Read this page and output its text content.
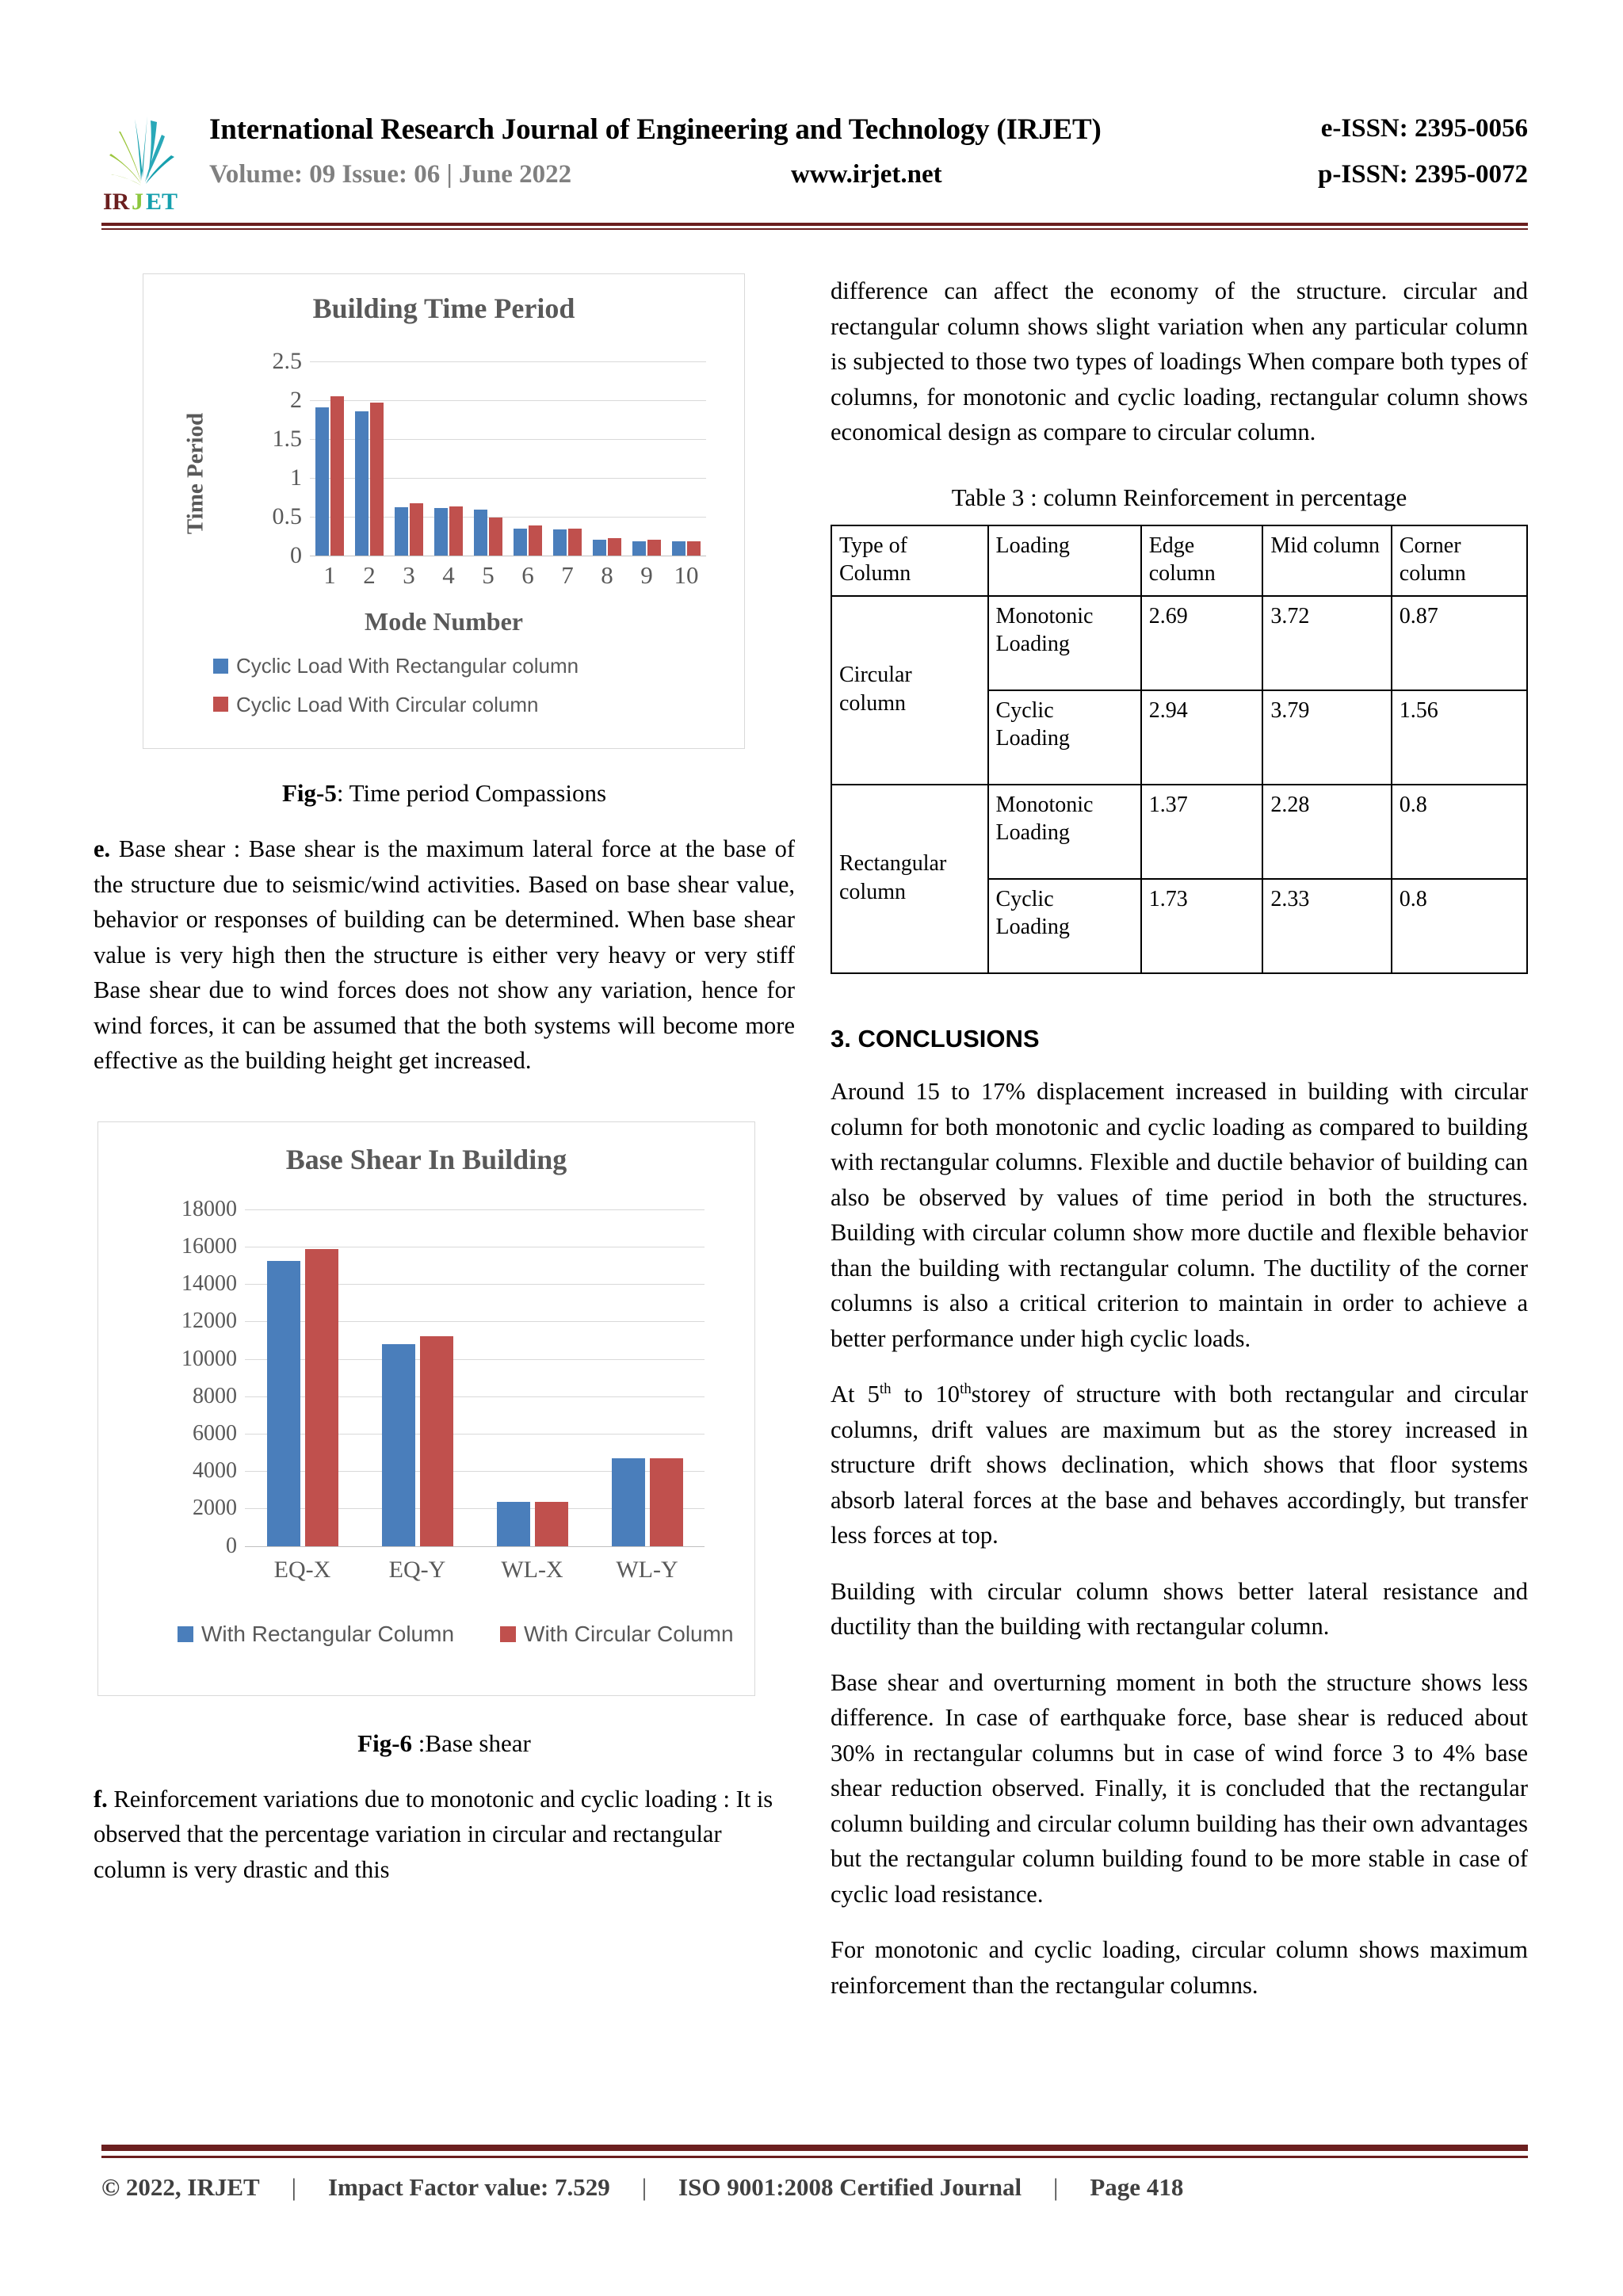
IR J ET
International Research Journal of Engineering and Technology (IRJET)	e-ISSN: 2395-0056
Volume: 09 Issue: 06 | June 2022	www.irjet.net	p-ISSN: 2395-0072
Building Time Period
Time Period
2.5
2
1.5
1
0.5
0
1 2 3 4 5 6 7 8 9 10
Mode Number
Cyclic Load With Rectangular column
Cyclic Load With Circular column
Fig-5: Time period Compassions

e. Base shear : Base shear is the maximum lateral force at the base of the structure due to seismic/wind activities. Based on base shear value, behavior or responses of building can be determined. When base shear value is very high then the structure is either very heavy or very stiff Base shear due to wind forces does not show any variation, hence for wind forces, it can be assumed that the both systems will become more effective as the building height get increased.

Base Shear In Building
18000
16000
14000
12000
10000
8000
6000
4000
2000
0
EQ-X EQ-Y WL-X WL-Y
With Rectangular Column	With Circular Column
Fig-6 :Base shear

f. Reinforcement variations due to monotonic and cyclic loading : It is observed that the percentage variation in circular and rectangular column is very drastic and this

difference can affect the economy of the structure. circular and rectangular column shows slight variation when any particular column is subjected to those two types of loadings When compare both types of columns, for monotonic and cyclic loading, rectangular column shows economical design as compare to circular column.

Table 3 : column Reinforcement in percentage
Type of Column	Loading	Edge column	Mid column	Corner column
Circular column	Monotonic Loading	2.69	3.72	0.87
	Cyclic Loading	2.94	3.79	1.56
Rectangular column	Monotonic Loading	1.37	2.28	0.8
	Cyclic Loading	1.73	2.33	0.8
3. CONCLUSIONS

Around 15 to 17% displacement increased in building with circular column for both monotonic and cyclic loading as compared to building with rectangular columns. Flexible and ductile behavior of building can also be observed by values of time period in both the structures. Building with circular column show more ductile and flexible behavior than the building with rectangular column. The ductility of the corner columns is also a critical criterion to maintain in order to achieve a better performance under high cyclic loads.

At 5th to 10thstorey of structure with both rectangular and circular columns, drift values are maximum but as the storey increased in structure drift shows declination, which shows that floor systems absorb lateral forces at the base and behaves accordingly, but transfer less forces at top.

Building with circular column shows better lateral resistance and ductility than the building with rectangular column.

Base shear and overturning moment in both the structure shows less difference. In case of earthquake force, base shear is reduced about 30% in rectangular columns but in case of wind force 3 to 4% base shear reduction observed. Finally, it is concluded that the rectangular column building and circular column building has their own advantages but the rectangular column building found to be more stable in case of cyclic load resistance.

For monotonic and cyclic loading, circular column shows maximum reinforcement than the rectangular columns.

© 2022, IRJET | Impact Factor value: 7.529 | ISO 9001:2008 Certified Journal | Page 418
